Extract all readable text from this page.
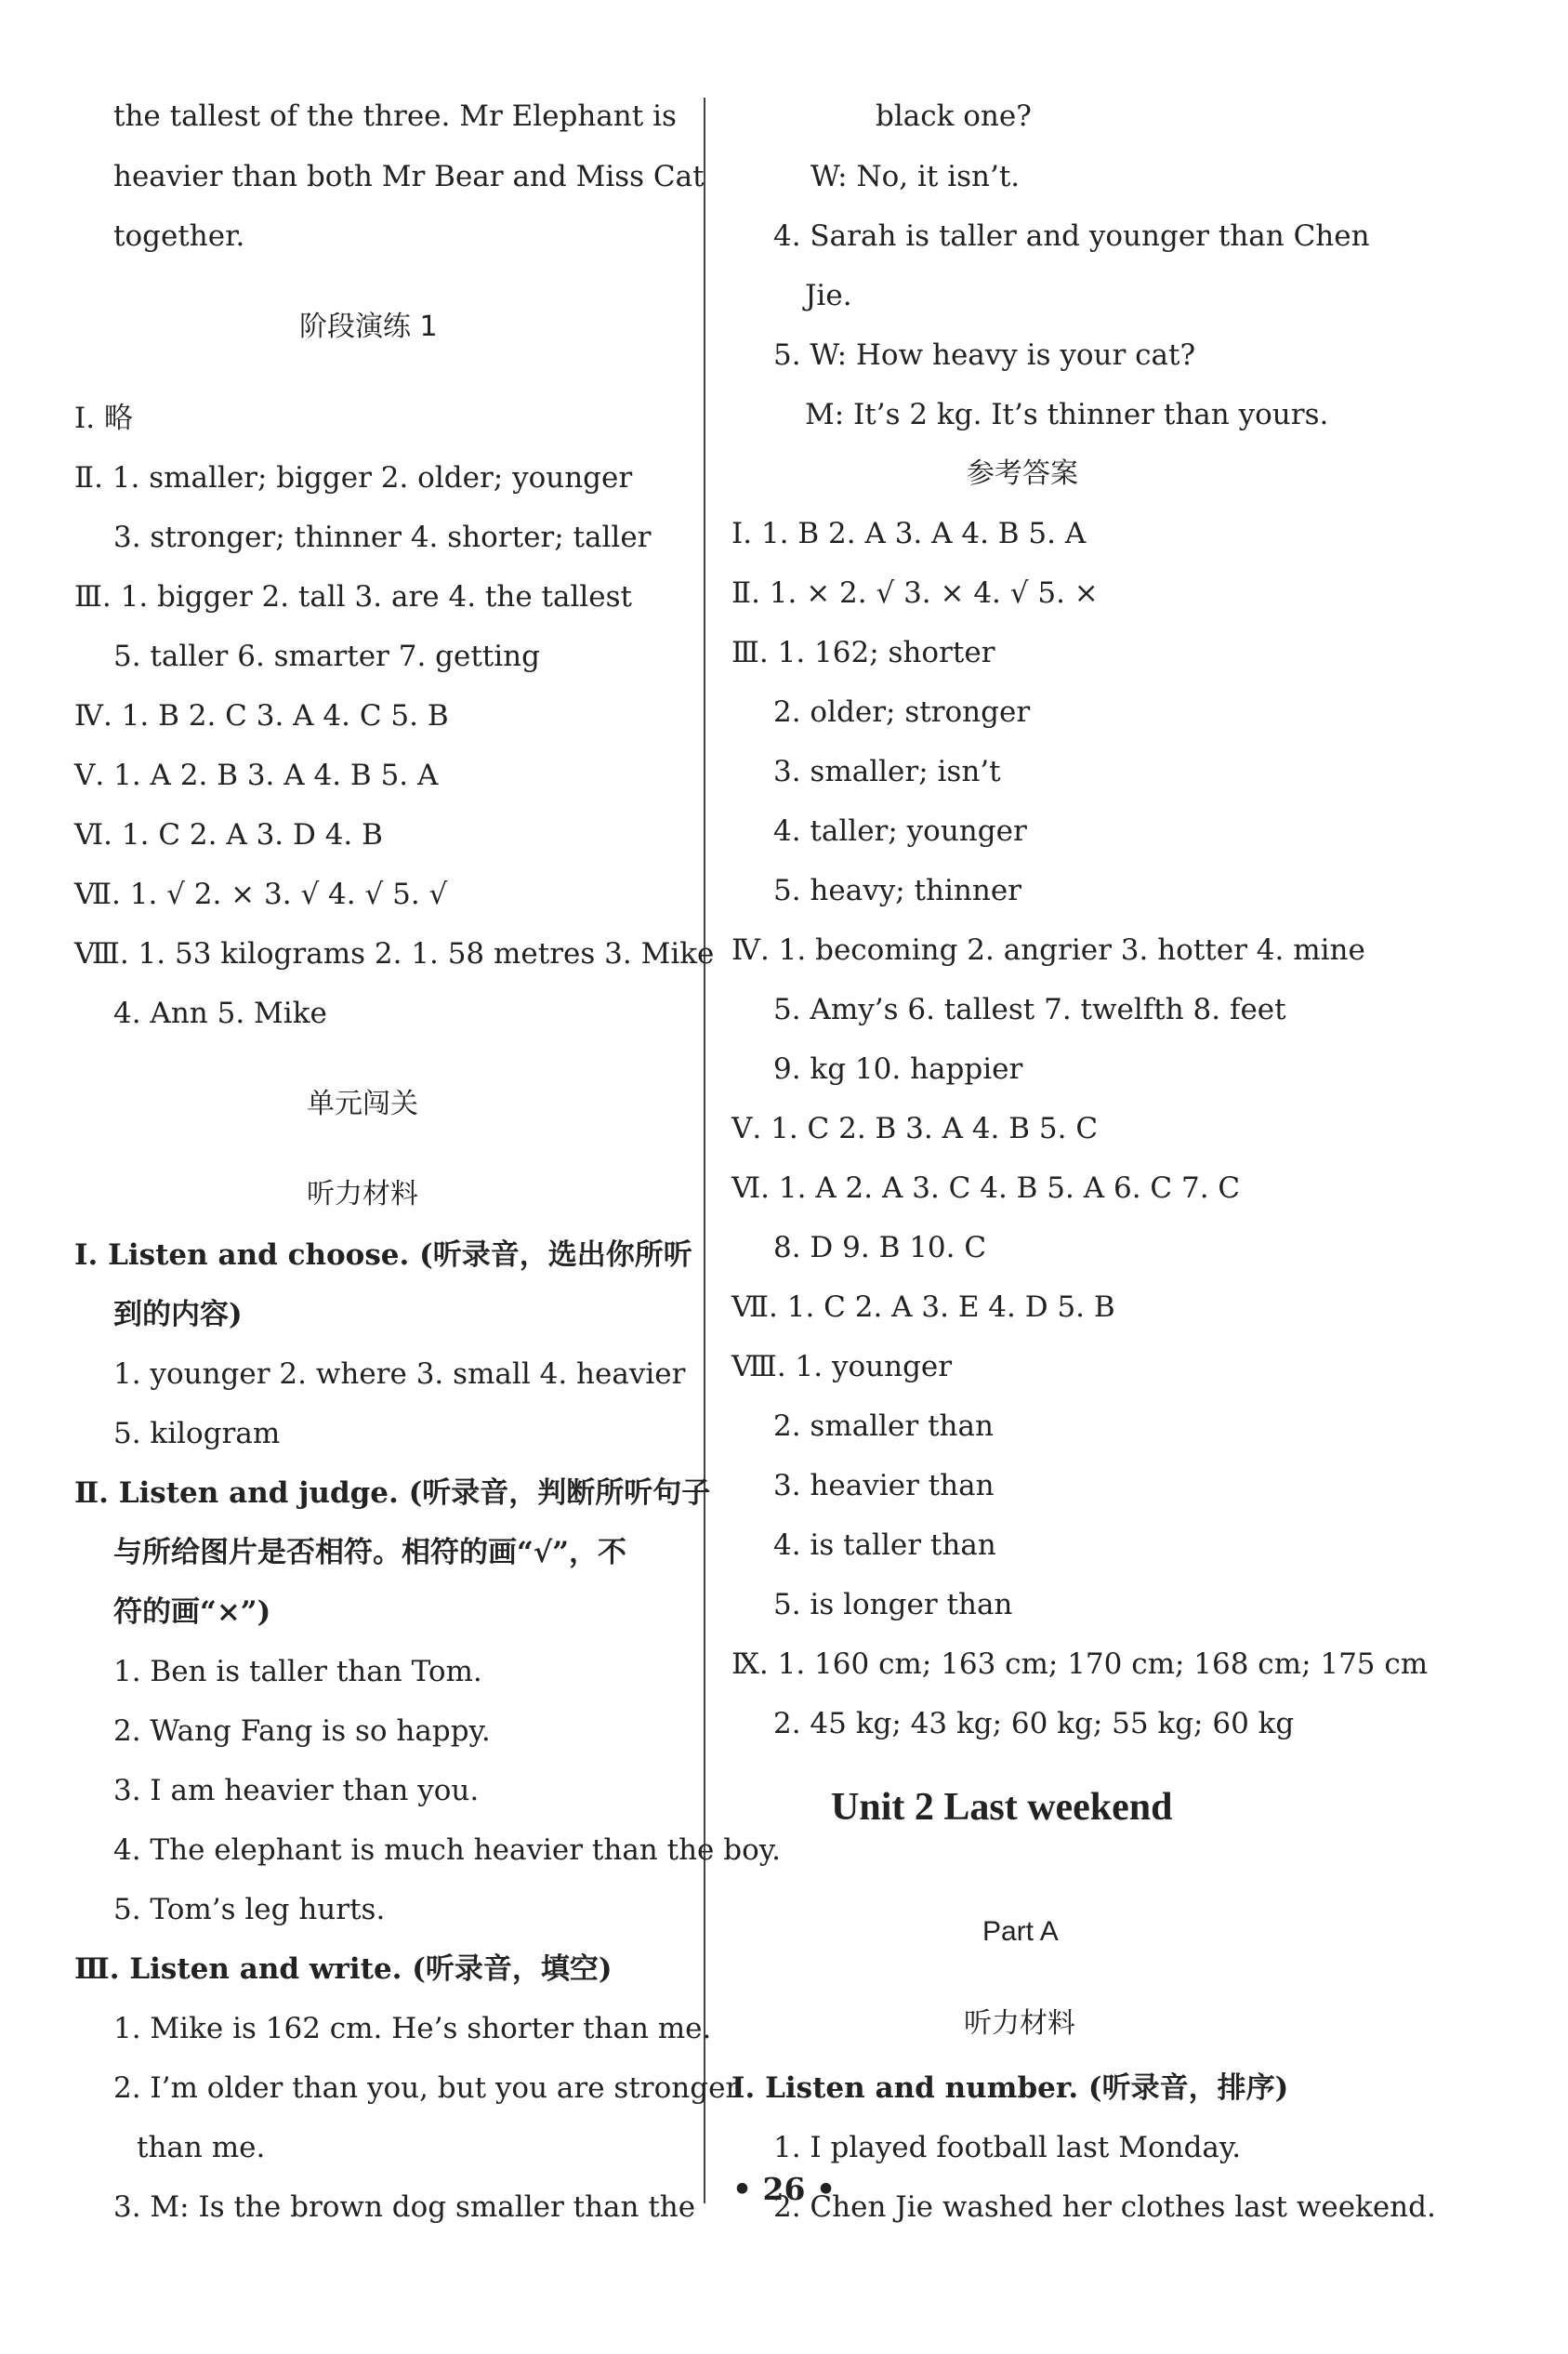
the tallest of the three. Mr Elephant is
heavier than both Mr Bear and Miss Cat
together.
阶段演练 1
Ⅰ. 略
Ⅱ. 1. smaller; bigger 2. older; younger
3. stronger; thinner 4. shorter; taller
Ⅲ. 1. bigger 2. tall 3. are 4. the tallest
5. taller 6. smarter 7. getting
Ⅳ. 1. B 2. C 3. A 4. C 5. B
Ⅴ. 1. A 2. B 3. A 4. B 5. A
Ⅵ. 1. C 2. A 3. D 4. B
Ⅶ. 1. √ 2. × 3. √ 4. √ 5. √
Ⅷ. 1. 53 kilograms 2. 1. 58 metres 3. Mike
4. Ann 5. Mike
单元闯关
听力材料
Ⅰ. Listen and choose. (听录音，选出你所听
到的内容)
1. younger 2. where 3. small 4. heavier
5. kilogram
Ⅱ. Listen and judge. (听录音，判断所听句子
与所给图片是否相符。相符的画“√”，不
符的画“×”)
1. Ben is taller than Tom.
2. Wang Fang is so happy.
3. I am heavier than you.
4. The elephant is much heavier than the boy.
5. Tom’s leg hurts.
Ⅲ. Listen and write. (听录音，填空)
1. Mike is 162 cm. He’s shorter than me.
2. I’m older than you, but you are stronger
than me.
3. M: Is the brown dog smaller than the
black one?
W: No, it isn’t.
4. Sarah is taller and younger than Chen
Jie.
5. W: How heavy is your cat?
M: It’s 2 kg. It’s thinner than yours.
参考答案
Ⅰ. 1. B 2. A 3. A 4. B 5. A
Ⅱ. 1. × 2. √ 3. × 4. √ 5. ×
Ⅲ. 1. 162; shorter
2. older; stronger
3. smaller; isn’t
4. taller; younger
5. heavy; thinner
Ⅳ. 1. becoming 2. angrier 3. hotter 4. mine
5. Amy’s 6. tallest 7. twelfth 8. feet
9. kg 10. happier
Ⅴ. 1. C 2. B 3. A 4. B 5. C
Ⅵ. 1. A 2. A 3. C 4. B 5. A 6. C 7. C
8. D 9. B 10. C
Ⅶ. 1. C 2. A 3. E 4. D 5. B
Ⅷ. 1. younger
2. smaller than
3. heavier than
4. is taller than
5. is longer than
Ⅸ. 1. 160 cm; 163 cm; 170 cm; 168 cm; 175 cm
2. 45 kg; 43 kg; 60 kg; 55 kg; 60 kg
Unit 2 Last weekend
Part A
听力材料
Ⅰ. Listen and number. (听录音，排序)
1. I played football last Monday.
2. Chen Jie washed her clothes last weekend.
• 26 •
